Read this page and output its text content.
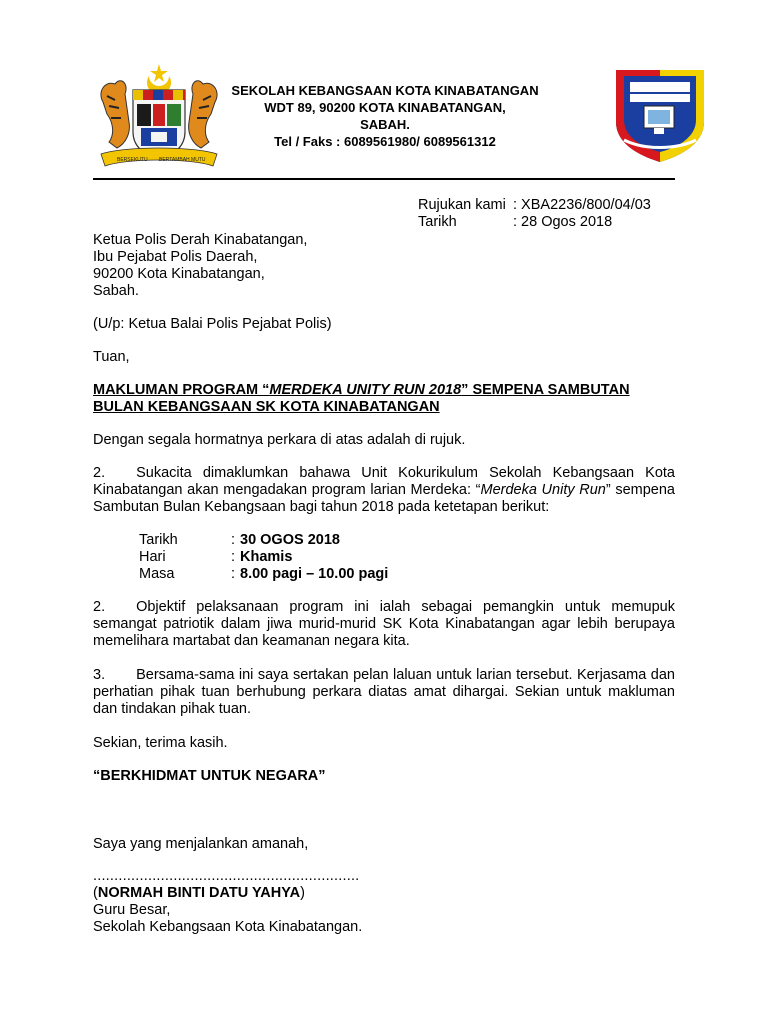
BERSEKUTU BERTAMBAH MUTU
SEKOLAH KEBANGSAAN KOTA KINABATANGAN
WDT 89, 90200 KOTA KINABATANGAN,
SABAH.
Tel / Faks : 6089561980/ 6089561312
Rujukan kami : XBA2236/800/04/03
Tarikh	: 28 Ogos 2018
Ketua Polis Derah Kinabatangan,
Ibu Pejabat Polis Daerah,
90200 Kota Kinabatangan,
Sabah.
(U/p: Ketua Balai Polis Pejabat Polis)
Tuan,
MAKLUMAN PROGRAM “MERDEKA UNITY RUN 2018” SEMPENA SAMBUTAN
BULAN KEBANGSAAN SK KOTA KINABATANGAN
Dengan segala hormatnya perkara di atas adalah di rujuk.
2. Sukacita dimaklumkan bahawa Unit Kokurikulum Sekolah Kebangsaan Kota Kinabatangan akan mengadakan program larian Merdeka: “Merdeka Unity Run” sempena Sambutan Bulan Kebangsaan bagi tahun 2018 pada ketetapan berikut:
Tarikh	: 30 OGOS 2018
Hari	: Khamis
Masa	: 8.00 pagi – 10.00 pagi
2. Objektif pelaksanaan program ini ialah sebagai pemangkin untuk memupuk semangat patriotik dalam jiwa murid-murid SK Kota Kinabatangan agar lebih berupaya memelihara martabat dan keamanan negara kita.
3. Bersama-sama ini saya sertakan pelan laluan untuk larian tersebut. Kerjasama dan perhatian pihak tuan berhubung perkara diatas amat dihargai. Sekian untuk makluman dan tindakan pihak tuan.
Sekian, terima kasih.
“BERKHIDMAT UNTUK NEGARA”
Saya yang menjalankan amanah,
...............................................................
(NORMAH BINTI DATU YAHYA)
Guru Besar,
Sekolah Kebangsaan Kota Kinabatangan.
